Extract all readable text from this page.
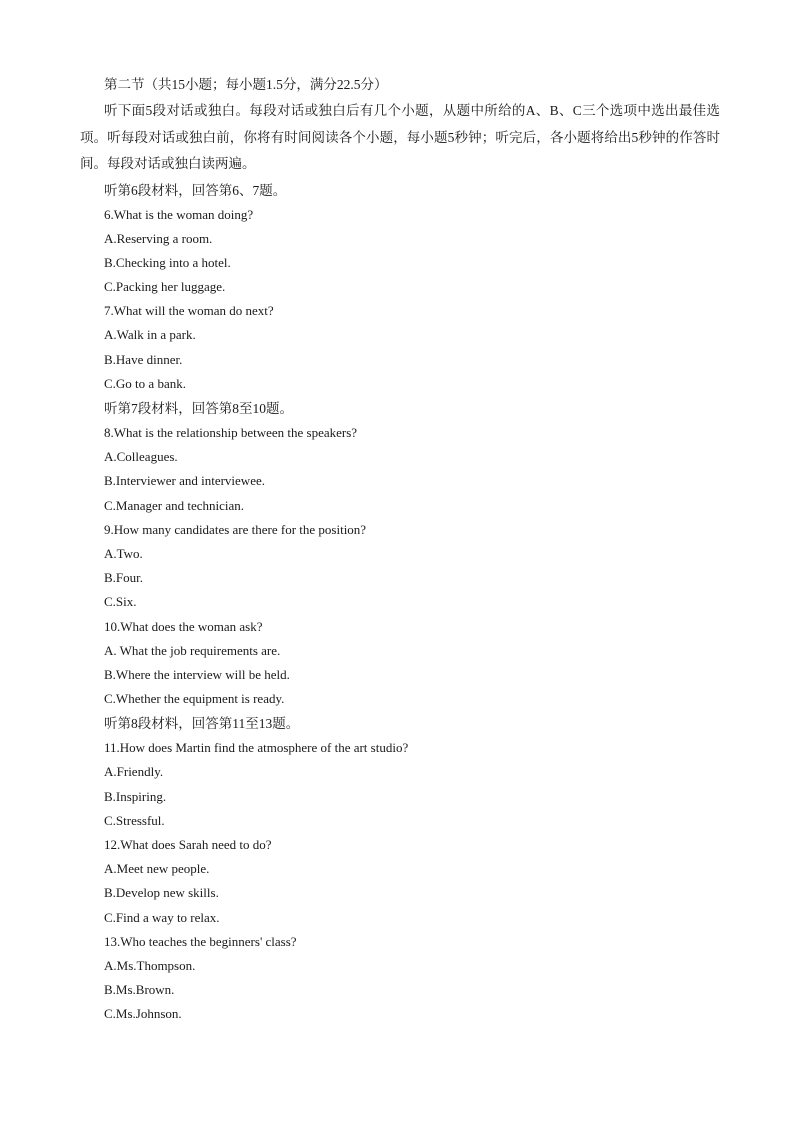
第二节（共15小题；每小题1.5分，满分22.5分）
听下面5段对话或独白。每段对话或独白后有几个小题，从题中所给的A、B、C三个选项中选出最佳选项。听每段对话或独白前，你将有时间阅读各个小题，每小题5秒钟；听完后，各小题将给出5秒钟的作答时间。每段对话或独白读两遍。
听第6段材料，回答第6、7题。
6.What is the woman doing?
A.Reserving a room.
B.Checking into a hotel.
C.Packing her luggage.
7.What will the woman do next?
A.Walk in a park.
B.Have dinner.
C.Go to a bank.
听第7段材料，回答第8至10题。
8.What is the relationship between the speakers?
A.Colleagues.
B.Interviewer and interviewee.
C.Manager and technician.
9.How many candidates are there for the position?
A.Two.
B.Four.
C.Six.
10.What does the woman ask?
A. What the job requirements are.
B.Where the interview will be held.
C.Whether the equipment is ready.
听第8段材料，回答第11至13题。
11.How does Martin find the atmosphere of the art studio?
A.Friendly.
B.Inspiring.
C.Stressful.
12.What does Sarah need to do?
A.Meet new people.
B.Develop new skills.
C.Find a way to relax.
13.Who teaches the beginners' class?
A.Ms.Thompson.
B.Ms.Brown.
C.Ms.Johnson.
